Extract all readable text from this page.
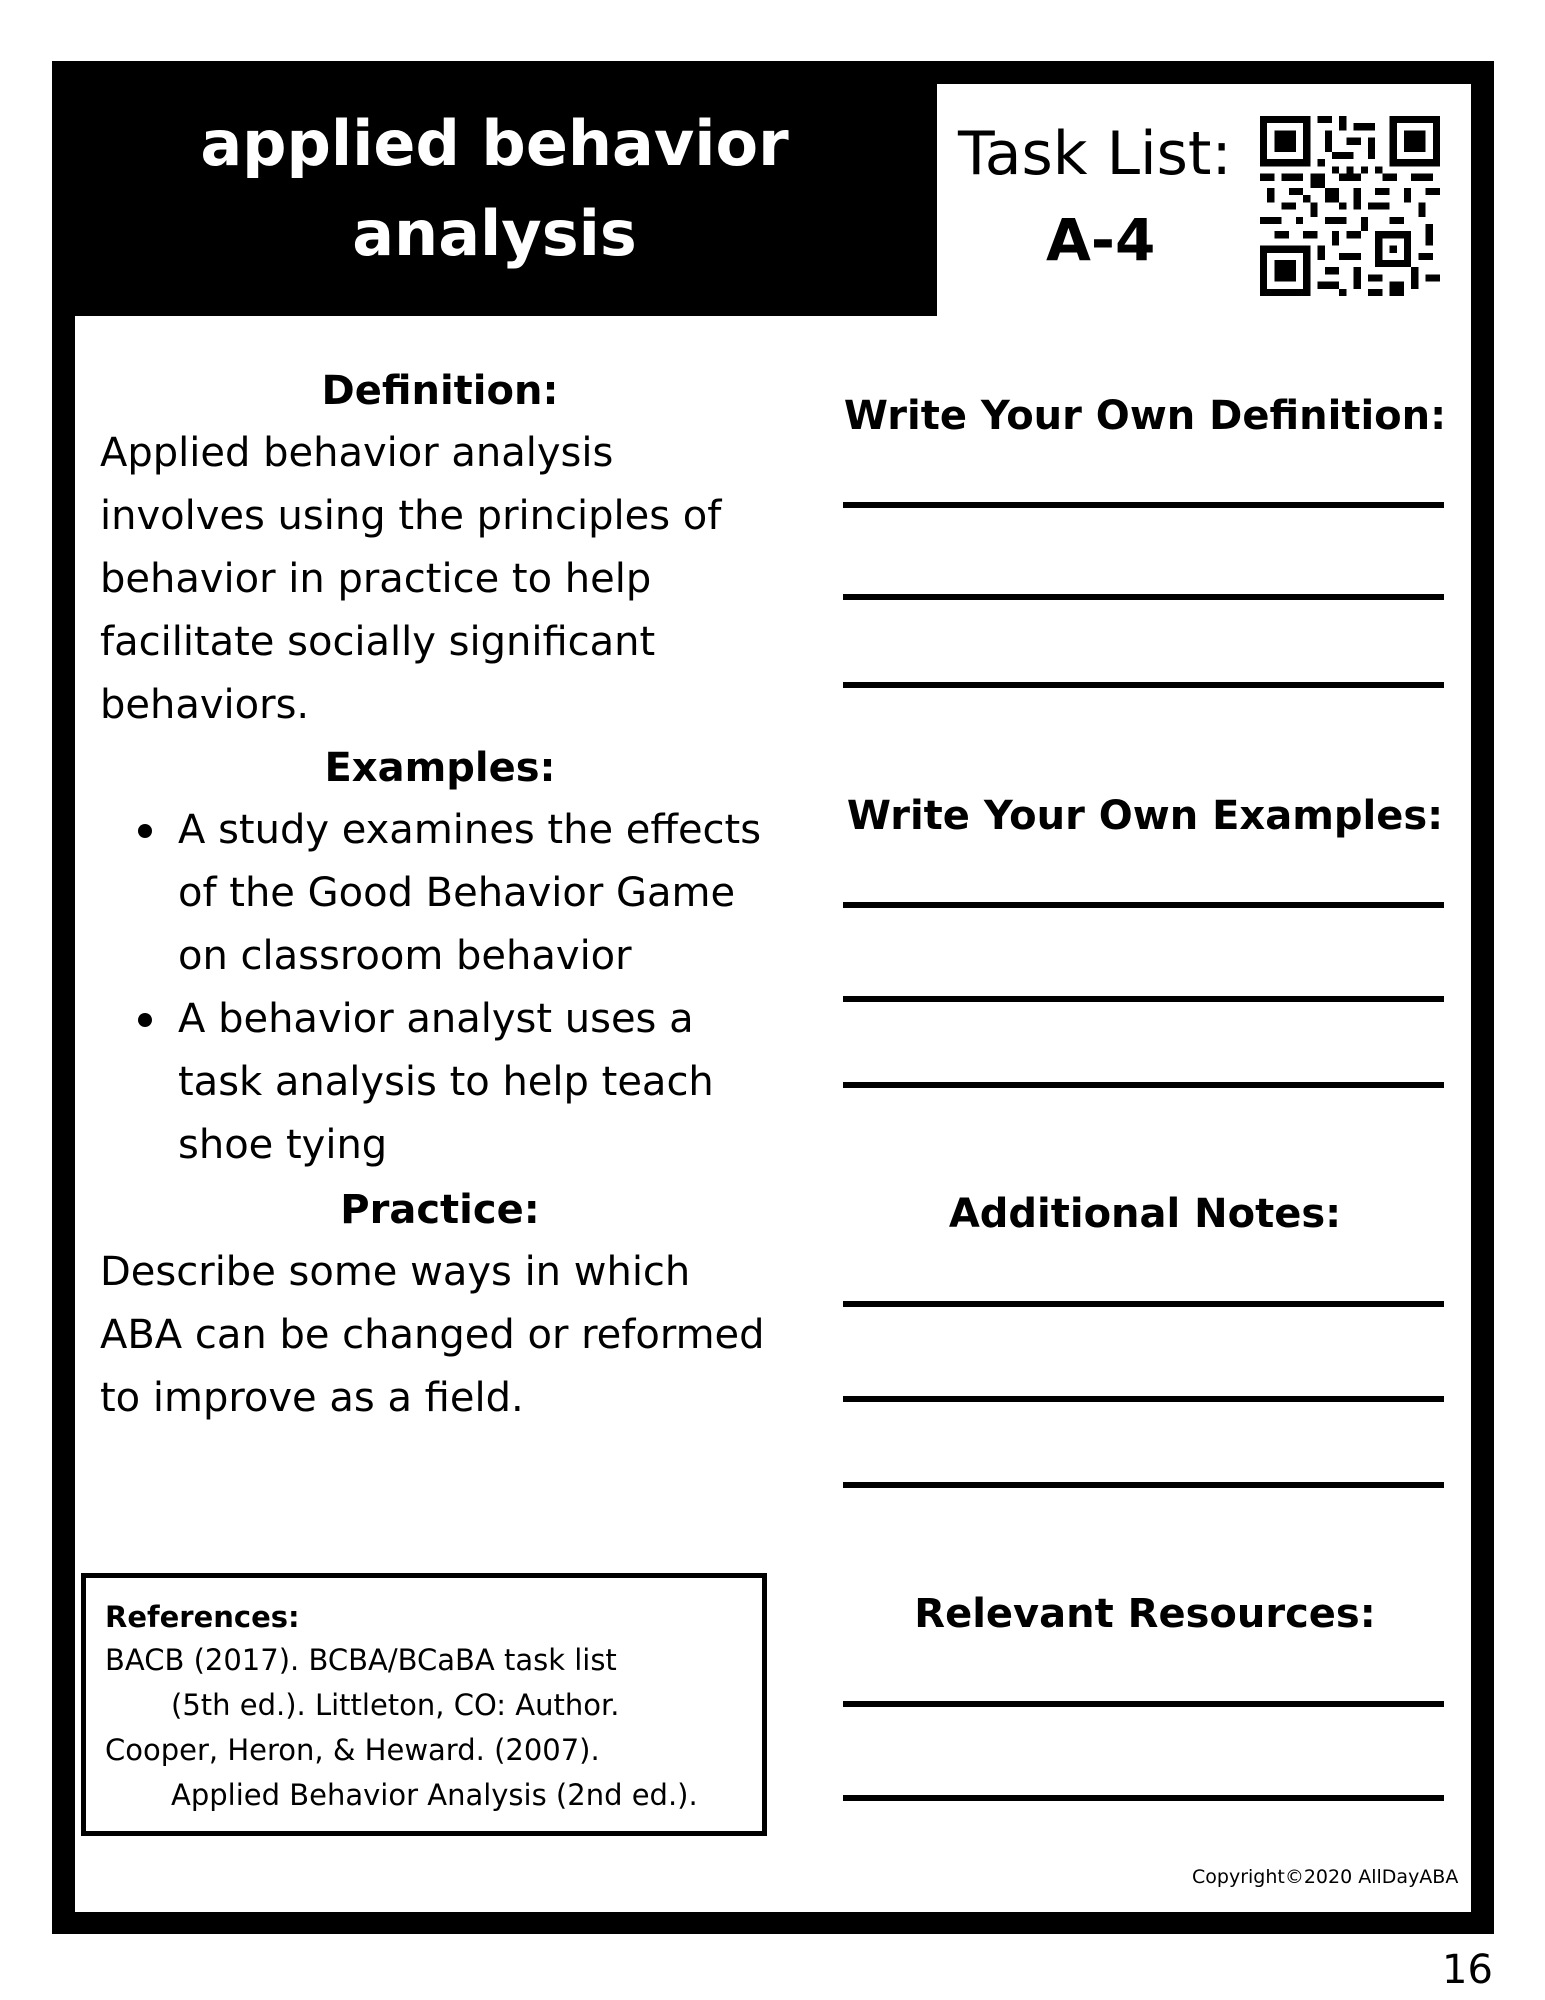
applied behavior analysis
Task List:
A-4
Definition:
Applied behavior analysis involves using the principles of behavior in practice to help facilitate socially significant behaviors.
Examples:
A study examines the effects of the Good Behavior Game on classroom behavior
A behavior analyst uses a task analysis to help teach shoe tying
Practice:
Describe some ways in which ABA can be changed or reformed to improve as a field.
References:
BACB (2017). BCBA/BCaBA task list
(5th ed.). Littleton, CO: Author.
Cooper, Heron, & Heward. (2007).
Applied Behavior Analysis (2nd ed.).
Write Your Own Definition:
Write Your Own Examples:
Additional Notes:
Relevant Resources:
Copyright©2020 AllDayABA
16
